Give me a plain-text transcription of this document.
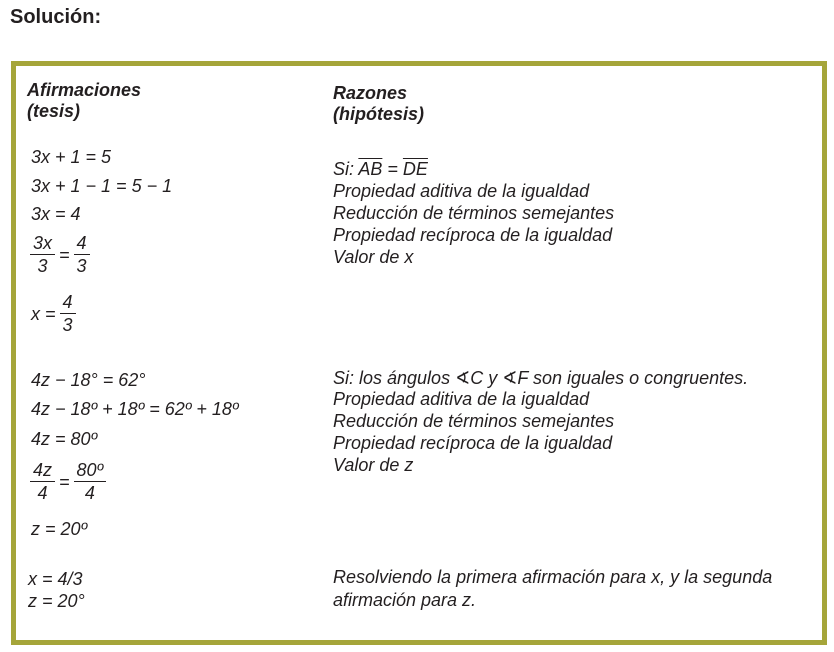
Solución:
Afirmaciones
(tesis)
Razones
(hipótesis)
3x + 1 = 5
3x + 1 − 1 = 5 − 1
3x = 4
$\frac{3x}{3} = \frac{4}{3}$
$x = \frac{4}{3}$
Si: $\overline{AB} = \overline{DE}$
Propiedad aditiva de la igualdad
Reducción de términos semejantes
Propiedad recíproca de la igualdad
Valor de x
4z − 18° = 62°
4z − 18º + 18º = 62º + 18º
4z = 80º
$\frac{4z}{4} = \frac{\text{80º}}{4}$
z = 20º
Si: los ángulos ∢C y ∢F son iguales o congruentes.
Propiedad aditiva de la igualdad
Reducción de términos semejantes
Propiedad recíproca de la igualdad
Valor de z
x = 4/3
z = 20°
Resolviendo la primera afirmación para x, y la segunda
afirmación para z.
